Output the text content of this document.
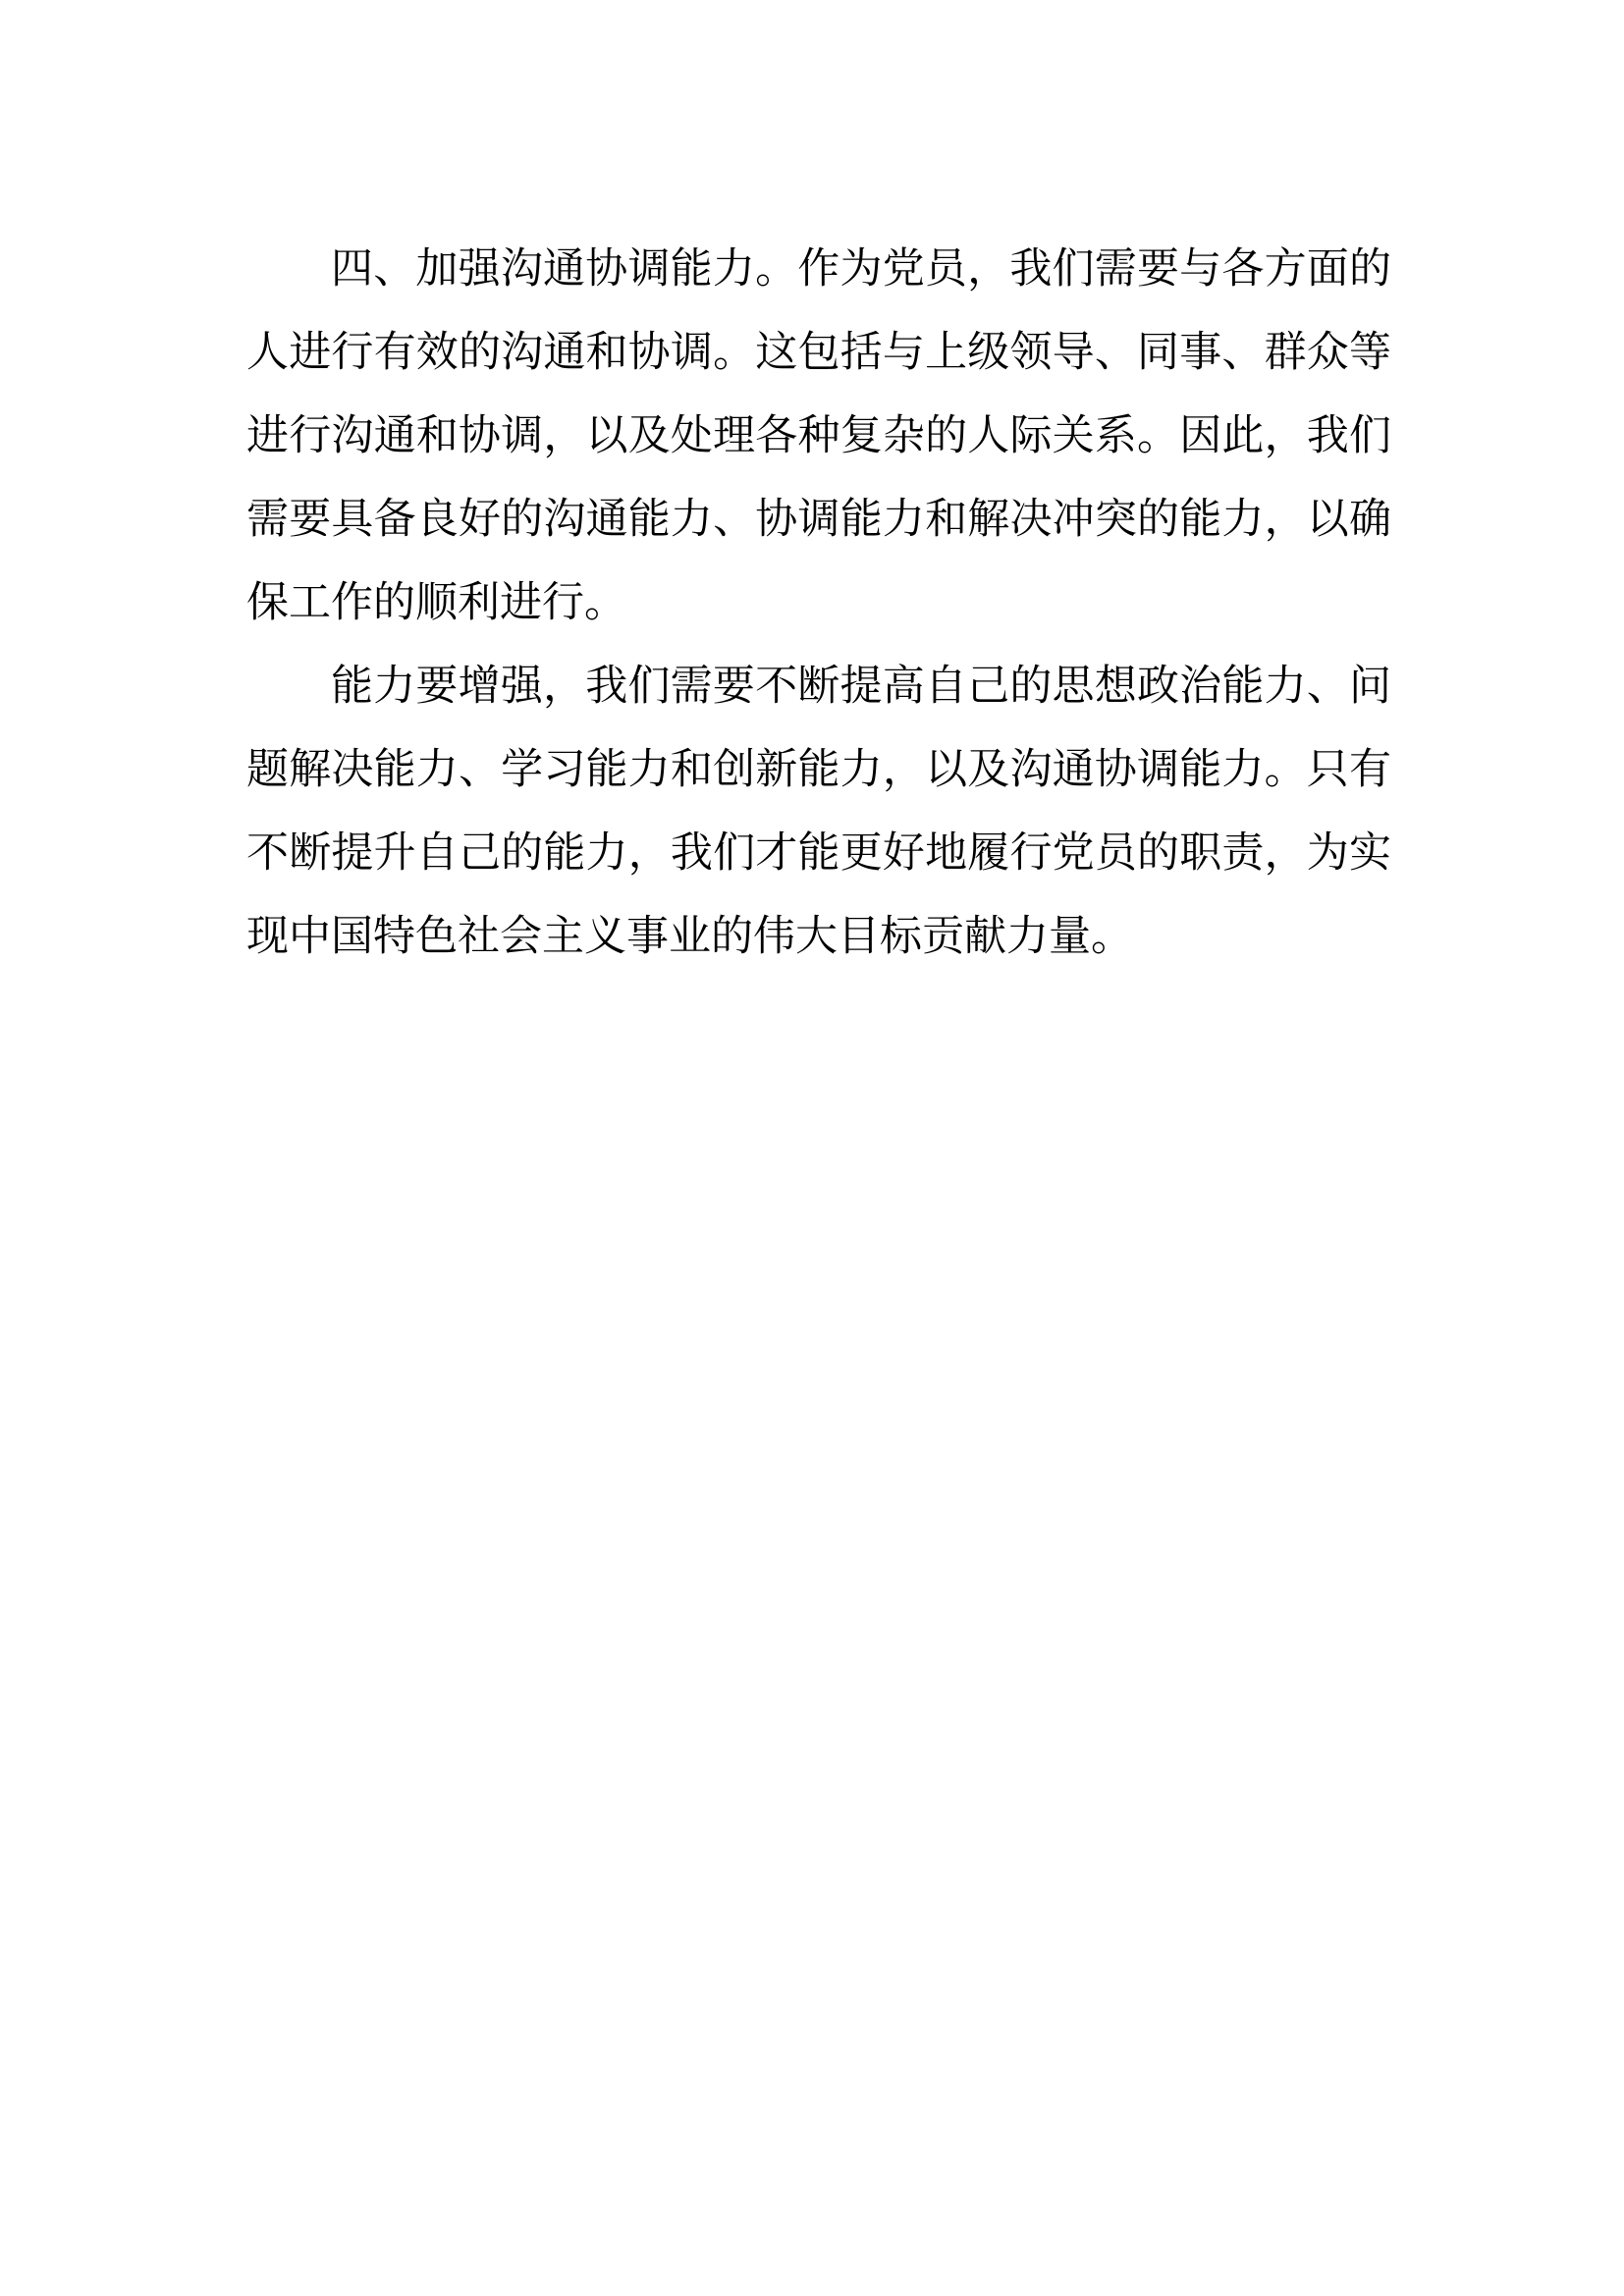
四、加强沟通协调能力。作为党员，我们需要与各方面的人进行有效的沟通和协调。这包括与上级领导、同事、群众等进行沟通和协调，以及处理各种复杂的人际关系。因此，我们需要具备良好的沟通能力、协调能力和解决冲突的能力，以确保工作的顺利进行。

能力要增强，我们需要不断提高自己的思想政治能力、问题解决能力、学习能力和创新能力，以及沟通协调能力。只有不断提升自己的能力，我们才能更好地履行党员的职责，为实现中国特色社会主义事业的伟大目标贡献力量。
